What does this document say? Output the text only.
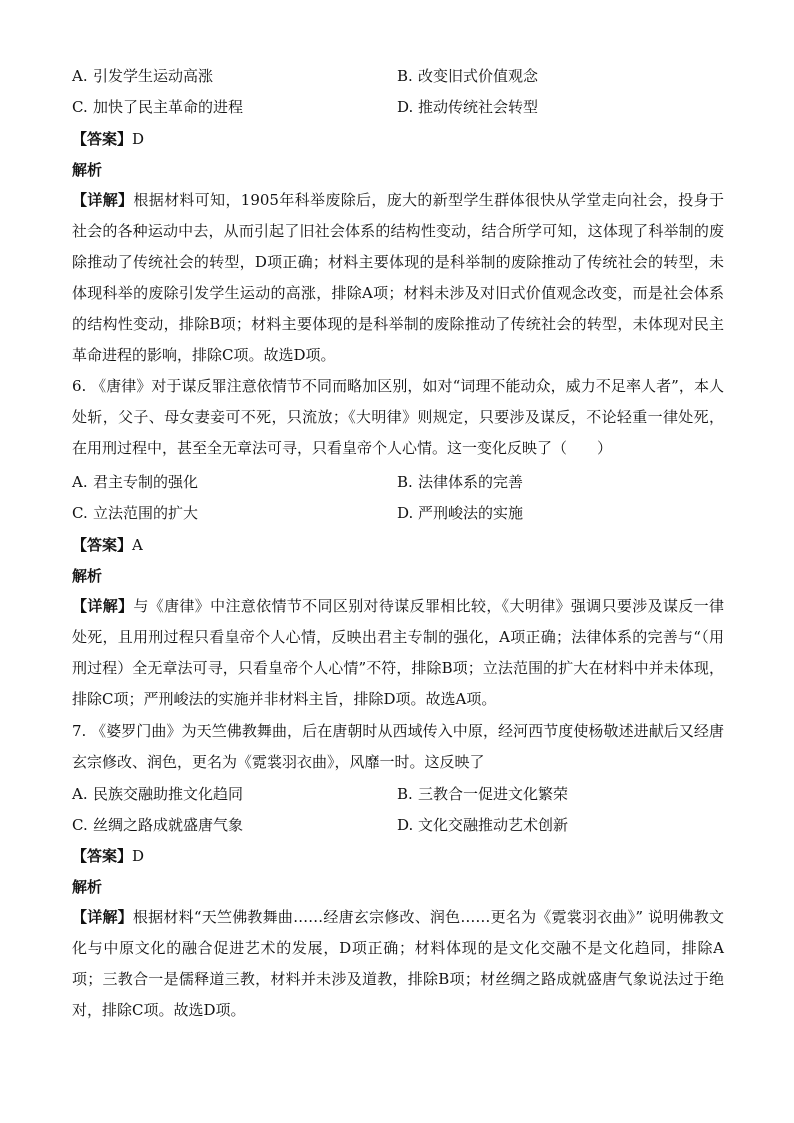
A. 引发学生运动高涨	B. 改变旧式价值观念
C. 加快了民主革命的进程	D. 推动传统社会转型
【答案】D
解析
【详解】根据材料可知，1905年科举废除后，庞大的新型学生群体很快从学堂走向社会，投身于社会的各种运动中去，从而引起了旧社会体系的结构性变动，结合所学可知，这体现了科举制的废除推动了传统社会的转型，D项正确；材料主要体现的是科举制的废除推动了传统社会的转型，未体现科举的废除引发学生运动的高涨，排除A项；材料未涉及对旧式价值观念改变，而是社会体系的结构性变动，排除B项；材料主要体现的是科举制的废除推动了传统社会的转型，未体现对民主革命进程的影响，排除C项。故选D项。
6. 《唐律》对于谋反罪注意依情节不同而略加区别，如对“词理不能动众，威力不足率人者”，本人处斩，父子、母女妻妾可不死，只流放；《大明律》则规定，只要涉及谋反，不论轻重一律处死，在用刑过程中，甚至全无章法可寻，只看皇帝个人心情。这一变化反映了（　　）
A. 君主专制的强化	B. 法律体系的完善
C. 立法范围的扩大	D. 严刑峻法的实施
【答案】A
解析
【详解】与《唐律》中注意依情节不同区别对待谋反罪相比较，《大明律》强调只要涉及谋反一律处死，且用刑过程只看皇帝个人心情，反映出君主专制的强化，A项正确；法律体系的完善与“（用刑过程）全无章法可寻，只看皇帝个人心情”不符，排除B项；立法范围的扩大在材料中并未体现，排除C项；严刑峻法的实施并非材料主旨，排除D项。故选A项。
7. 《婆罗门曲》为天竺佛教舞曲，后在唐朝时从西域传入中原，经河西节度使杨敬述进献后又经唐玄宗修改、润色，更名为《霓裳羽衣曲》，风靡一时。这反映了
A. 民族交融助推文化趋同	B. 三教合一促进文化繁荣
C. 丝绸之路成就盛唐气象	D. 文化交融推动艺术创新
【答案】D
解析
【详解】根据材料“天竺佛教舞曲……经唐玄宗修改、润色……更名为《霓裳羽衣曲》” 说明佛教文化与中原文化的融合促进艺术的发展，D项正确；材料体现的是文化交融不是文化趋同，排除A项；三教合一是儒释道三教，材料并未涉及道教，排除B项；材丝绸之路成就盛唐气象说法过于绝对，排除C项。故选D项。
